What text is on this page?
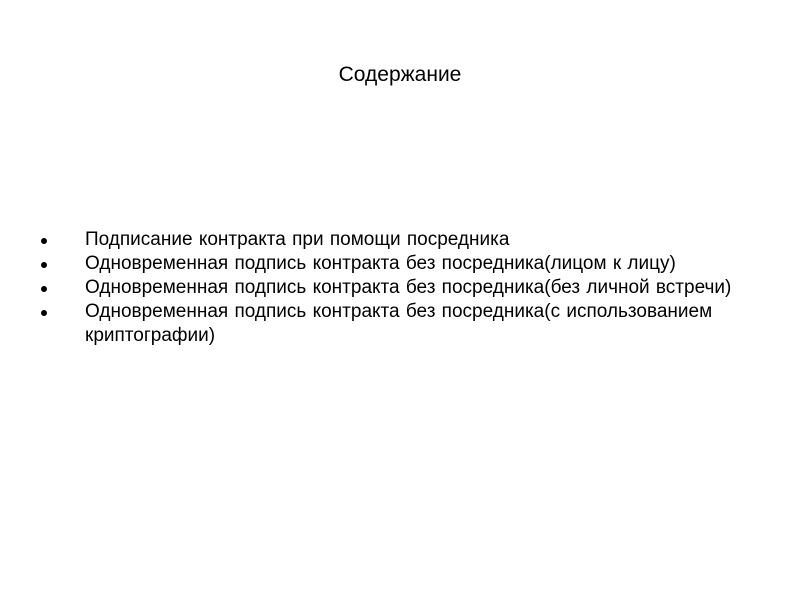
Содержание
Подписание контракта при помощи посредника
Одновременная подпись контракта без посредника(лицом к лицу)
Одновременная подпись контракта без посредника(без личной встречи)
Одновременная подпись контракта без посредника(с использованием криптографии)
